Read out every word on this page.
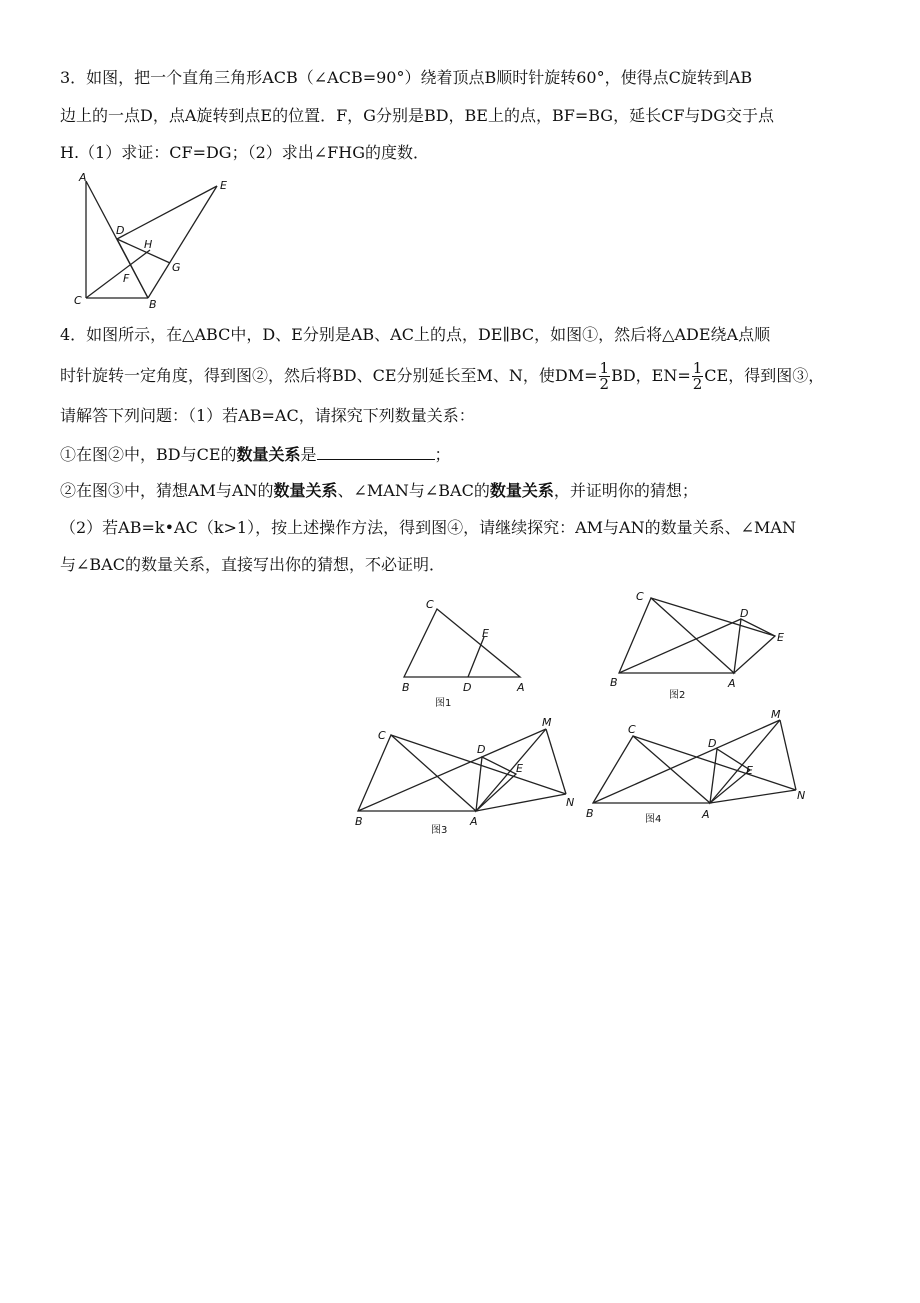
3．如图，把一个直角三角形ACB（∠ACB=90°）绕着顶点B顺时针旋转60°，使得点C旋转到AB
边上的一点D，点A旋转到点E的位置．F，G分别是BD，BE上的点，BF=BG，延长CF与DG交于点
H.（1）求证：CF=DG；（2）求出∠FHG的度数．
A
E
D
H
F
G
C	B
4．如图所示，在△ABC中，D、E分别是AB、AC上的点，DE∥BC，如图①，然后将△ADE绕A点顺
时针旋转一定角度，得到图②，然后将BD、CE分别延长至M、N，使$DM= \frac{1}{2}$ BD，$EN= \frac{1}{2}$ CE，得到图③，
请解答下列问题：（1）若AB=AC，请探究下列数量关系：
①在图②中，BD与CE的数量关系是	；
②在图③中，猜想AM与AN的数量关系、∠MAN与∠BAC的数量关系，并证明你的猜想；
（2）若AB=k•AC（k>1），按上述操作方法，得到图④，请继续探究：AM与AN的数量关系、∠MAN
与∠BAC的数量关系，直接写出你的猜想，不必证明．
C
E
B	D	A
图1
C
D
E
B	A
图2
C
M
D
E
N
B	A
图3
C
M
D
E
N
B	A
图4
